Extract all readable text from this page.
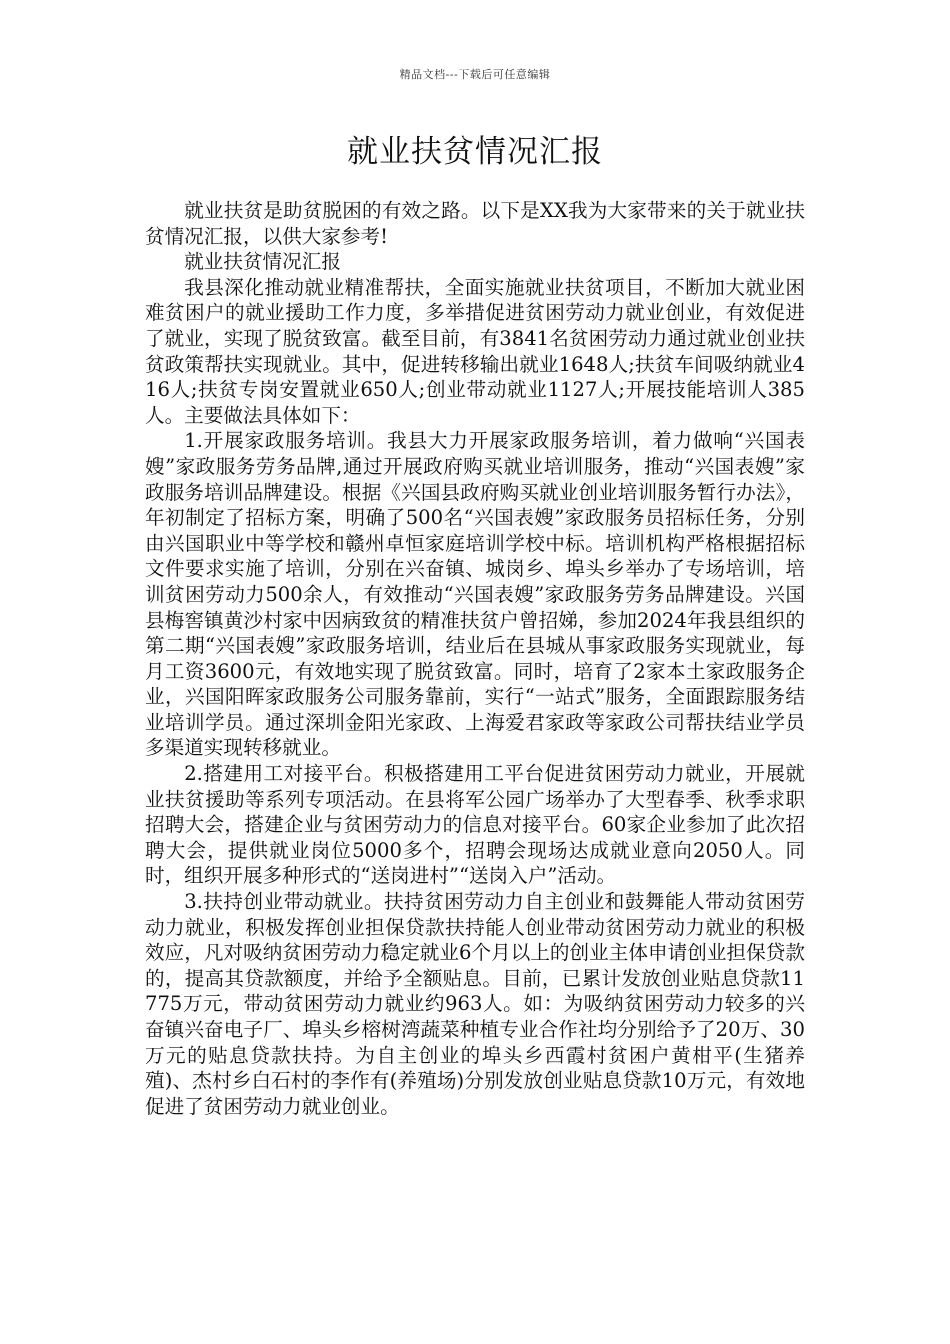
精品文档---下载后可任意编辑
就业扶贫情况汇报

就业扶贫是助贫脱困的有效之路。以下是XX我为大家带来的关于就业扶贫情况汇报，以供大家参考!

就业扶贫情况汇报

我县深化推动就业精准帮扶，全面实施就业扶贫项目，不断加大就业困难贫困户的就业援助工作力度，多举措促进贫困劳动力就业创业，有效促进了就业，实现了脱贫致富。截至目前，有3841名贫困劳动力通过就业创业扶贫政策帮扶实现就业。其中，促进转移输出就业1648人;扶贫车间吸纳就业416人;扶贫专岗安置就业650人;创业带动就业1127人;开展技能培训人385人。主要做法具体如下：

1.开展家政服务培训。我县大力开展家政服务培训，着力做响“兴国表嫂”家政服务劳务品牌,通过开展政府购买就业培训服务，推动“兴国表嫂”家政服务培训品牌建设。根据《兴国县政府购买就业创业培训服务暂行办法》，年初制定了招标方案，明确了500名“兴国表嫂”家政服务员招标任务，分别由兴国职业中等学校和赣州卓恒家庭培训学校中标。培训机构严格根据招标文件要求实施了培训，分别在兴奋镇、城岗乡、埠头乡举办了专场培训，培训贫困劳动力500余人，有效推动“兴国表嫂”家政服务劳务品牌建设。兴国县梅窖镇黄沙村家中因病致贫的精准扶贫户曾招娣，参加2024年我县组织的第二期“兴国表嫂”家政服务培训，结业后在县城从事家政服务实现就业，每月工资3600元，有效地实现了脱贫致富。同时，培育了2家本土家政服务企业，兴国阳晖家政服务公司服务靠前，实行“一站式”服务，全面跟踪服务结业培训学员。通过深圳金阳光家政、上海爱君家政等家政公司帮扶结业学员多渠道实现转移就业。

2.搭建用工对接平台。积极搭建用工平台促进贫困劳动力就业，开展就业扶贫援助等系列专项活动。在县将军公园广场举办了大型春季、秋季求职招聘大会，搭建企业与贫困劳动力的信息对接平台。60家企业参加了此次招聘大会，提供就业岗位5000多个，招聘会现场达成就业意向2050人。同时，组织开展多种形式的“送岗进村”“送岗入户”活动。

3.扶持创业带动就业。扶持贫困劳动力自主创业和鼓舞能人带动贫困劳动力就业，积极发挥创业担保贷款扶持能人创业带动贫困劳动力就业的积极效应，凡对吸纳贫困劳动力稳定就业6个月以上的创业主体申请创业担保贷款的，提高其贷款额度，并给予全额贴息。目前，已累计发放创业贴息贷款11775万元，带动贫困劳动力就业约963人。如：为吸纳贫困劳动力较多的兴奋镇兴奋电子厂、埠头乡榕树湾蔬菜种植专业合作社均分别给予了20万、30万元的贴息贷款扶持。为自主创业的埠头乡西霞村贫困户黄柑平(生猪养殖)、杰村乡白石村的李作有(养殖场)分别发放创业贴息贷款10万元，有效地促进了贫困劳动力就业创业。
